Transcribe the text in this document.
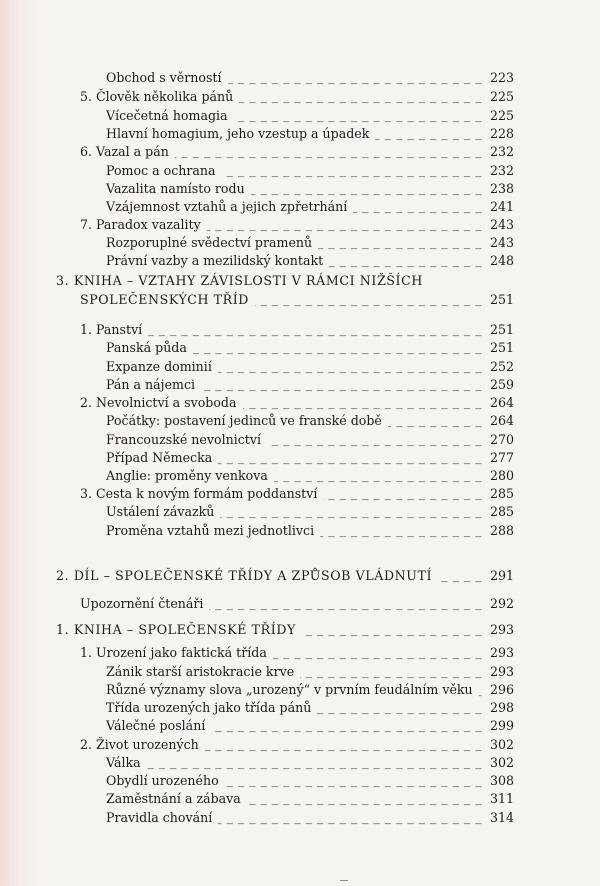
3. KNIHA – VZTAHY ZÁVISLOSTI V RÁMCI NIŽŠÍCH
SPOLEČENSKÝCH TŘÍD _ _ _	251
2. DÍL – SPOLEČENSKÉ TŘÍDY A ZPŮSOB VLÁDNUTÍ _ _ _	291
Upozornění čtenáři _ _ _	292
1. KNIHA – SPOLEČENSKÉ TŘÍDY _ _ _	293
Obchod s věrností _ _ _	223
5. Člověk několika pánů _ _ _	225
Vícečetná homagia _ _ _	225
Hlavní homagium, jeho vzestup a úpadek _ _ _	228
6. Vazal a pán _ _ _	232
Pomoc a ochrana _ _ _	232
Vazalita namísto rodu _ _ _	238
Vzájemnost vztahů a jejich zpřetrhání _ _ _	241
7. Paradox vazality _ _ _	243
Rozporuplné svědectví pramenů _ _ _	243
Právní vazby a mezilidský kontakt _ _ _	248
1. Panství _ _ _	251
Panská půda _ _ _	251
Expanze dominií _ _ _	252
Pán a nájemci _ _ _	259
2. Nevolnictví a svoboda _ _ _	264
Počátky: postavení jedinců ve franské době _ _ _	264
Francouzské nevolnictví _ _ _	270
Případ Německa _ _ _	277
Anglie: proměny venkova _ _ _	280
3. Cesta k novým formám poddanství _ _ _	285
Ustálení závazků _ _ _	285
Proměna vztahů mezi jednotlivci _ _ _	288
1. Urození jako faktická třída _ _ _	293
Zánik starší aristokracie krve _ _ _	293
Různé významy slova „urozený“ v prvním feudálním věku _ _ _ 296
Třída urozených jako třída pánů _ _ _	298
Válečné poslání _ _ _	299
2. Život urozených _ _ _	302
Válka _ _ _	302
Obydlí urozeného _ _ _	308
Zaměstnání a zábava _ _ _	311
Pravidla chování _ _ _	314
